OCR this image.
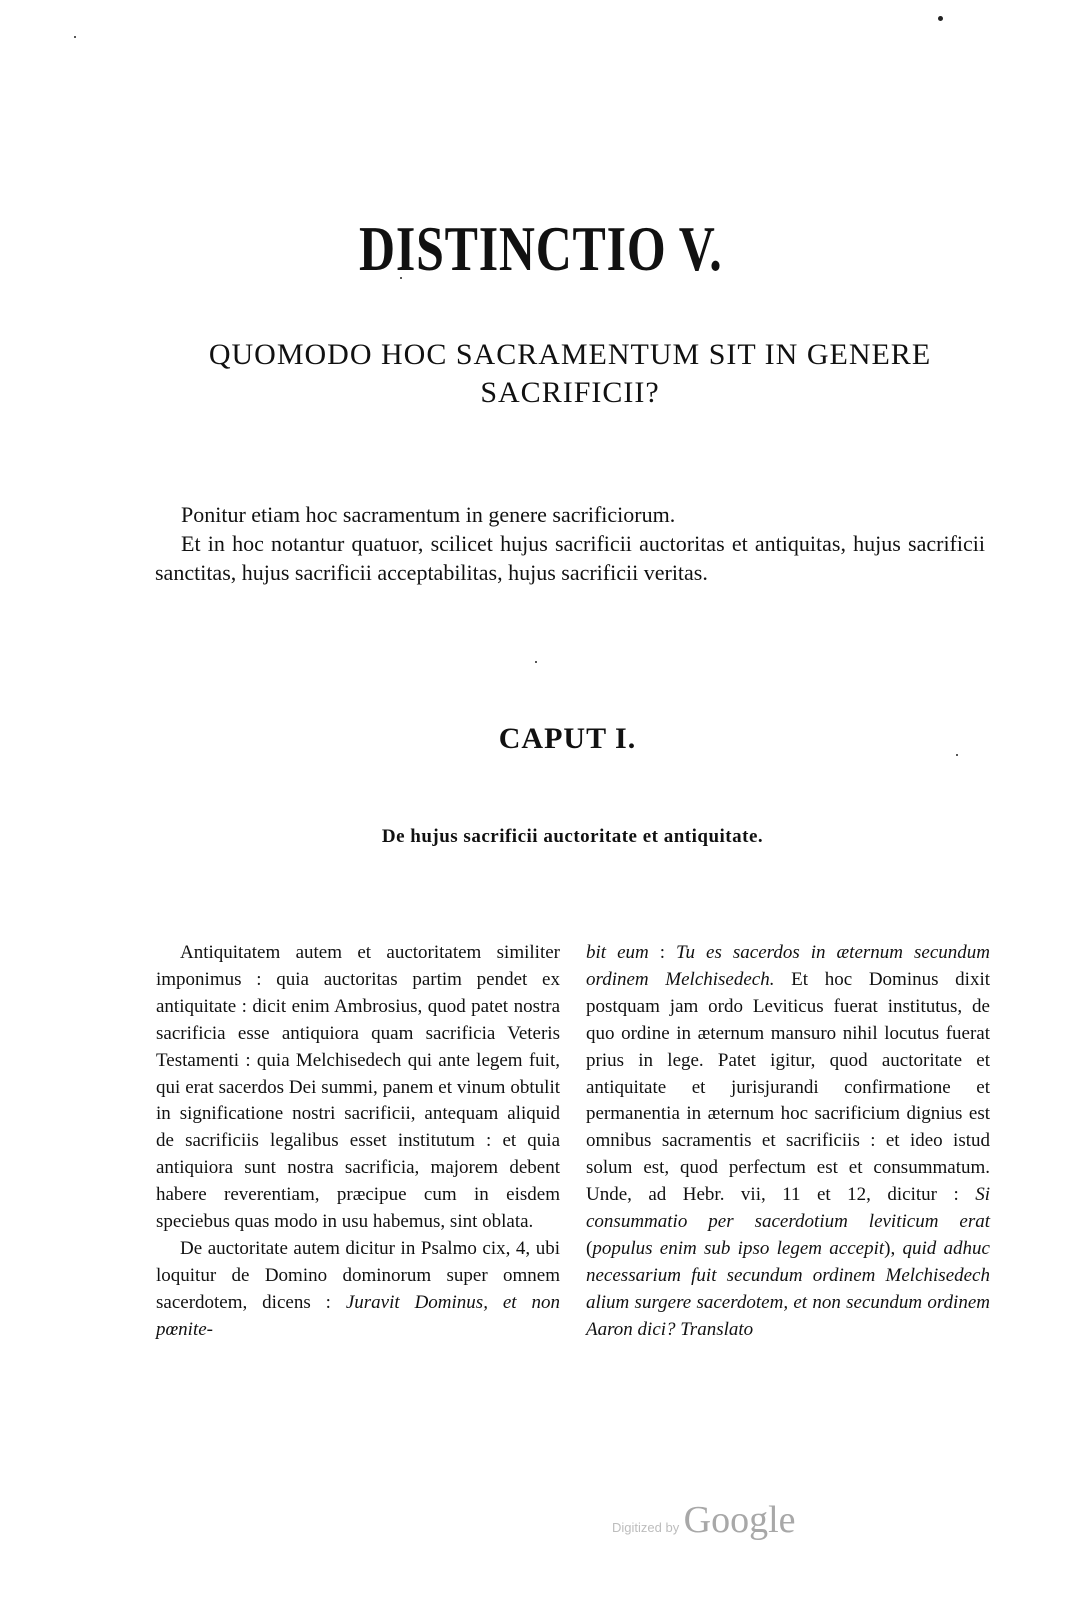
DISTINCTIO V.
QUOMODO HOC SACRAMENTUM SIT IN GENERE SACRIFICII?

Ponitur etiam hoc sacramentum in genere sacrificiorum.

Et in hoc notantur quatuor, scilicet hujus sacrificii auctoritas et antiquitas, hujus sacrificii sanctitas, hujus sacrificii acceptabilitas, hujus sacrificii veritas.

CAPUT I.
De hujus sacrificii auctoritate et antiquitate.

Antiquitatem autem et auctoritatem similiter imponimus : quia auctoritas partim pendet ex antiquitate : dicit enim Ambrosius, quod patet nostra sacrificia esse antiquiora quam sacrificia Veteris Testamenti : quia Melchisedech qui ante legem fuit, qui erat sacerdos Dei summi, panem et vinum obtulit in significatione nostri sacrificii, antequam aliquid de sacrificiis legalibus esset institutum : et quia antiquiora sunt nostra sacrificia, majorem debent habere reverentiam, præcipue cum in eisdem speciebus quas modo in usu habemus, sint oblata.

De auctoritate autem dicitur in Psalmo cix, 4, ubi loquitur de Domino dominorum super omnem sacerdotem, dicens : Juravit Dominus, et non pœnite-

bit eum : Tu es sacerdos in æternum secundum ordinem Melchisedech. Et hoc Dominus dixit postquam jam ordo Leviticus fuerat institutus, de quo ordine in æternum mansuro nihil locutus fuerat prius in lege. Patet igitur, quod auctoritate et antiquitate et jurisjurandi confirmatione et permanentia in æternum hoc sacrificium dignius est omnibus sacramentis et sacrificiis : et ideo istud solum est, quod perfectum est et consummatum. Unde, ad Hebr. vii, 11 et 12, dicitur : Si consummatio per sacerdotium leviticum erat (populus enim sub ipso legem accepit), quid adhuc necessarium fuit secundum ordinem Melchisedech alium surgere sacerdotem, et non secundum ordinem Aaron dici? Translato

Digitized by Google
